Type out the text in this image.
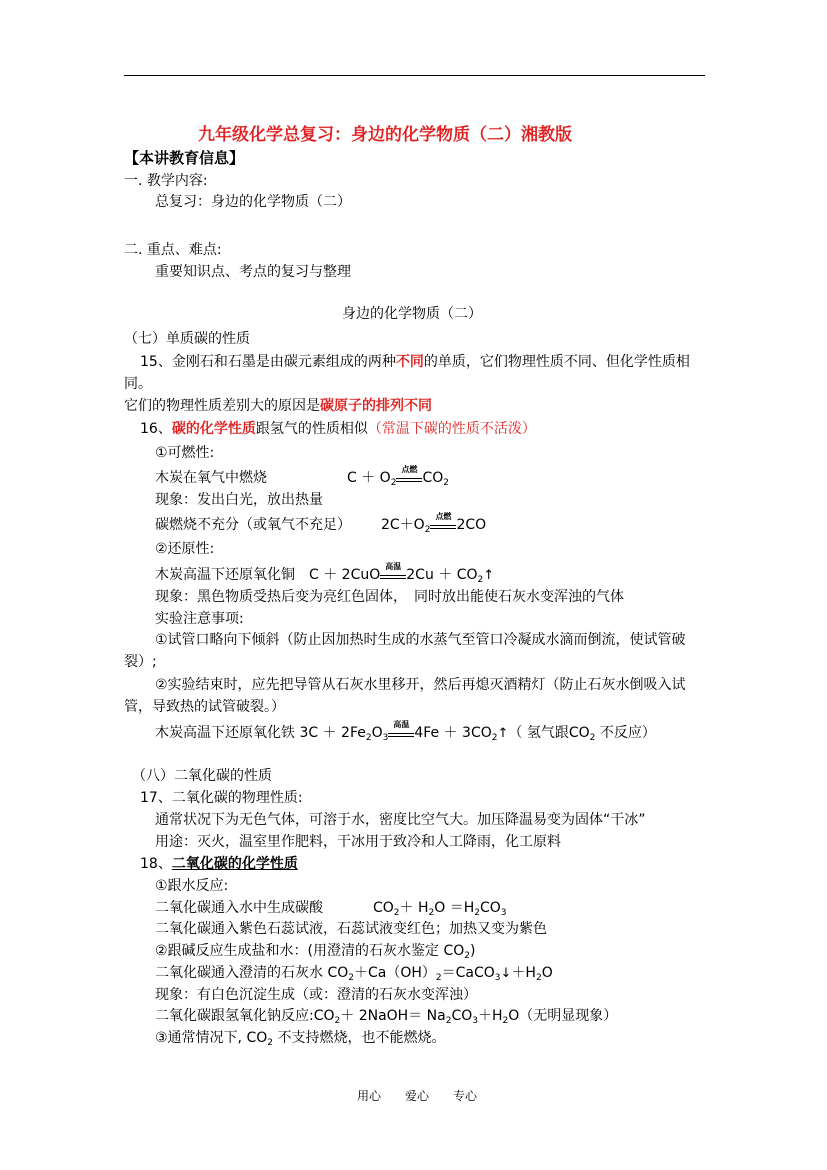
九年级化学总复习：身边的化学物质（二）湘教版
【本讲教育信息】
一. 教学内容:
总复习：身边的化学物质（二）
二. 重点、难点:
重要知识点、考点的复习与整理
身边的化学物质（二）
（七）单质碳的性质
15、金刚石和石墨是由碳元素组成的两种不同的单质，它们物理性质不同、但化学性质相
同。
它们的物理性质差别大的原因是碳原子的排列不同
16、碳的化学性质跟氢气的性质相似（常温下碳的性质不活泼）
①可燃性:
木炭在氧气中燃烧	$C + O_2$
点燃
$CO_2$
现象：发出白光，放出热量
碳燃烧不充分（或氧气不充足） $2C+O_2$
点燃
2CO
②还原性:
木炭高温下还原氧化铜　C ＋ 2CuO
高温
$2Cu + CO_2↑$
现象：黑色物质受热后变为亮红色固体，　同时放出能使石灰水变浑浊的气体
实验注意事项:
①试管口略向下倾斜（防止因加热时生成的水蒸气至管口冷凝成水滴而倒流，使试管破
裂）;
②实验结束时，应先把导管从石灰水里移开，然后再熄灭酒精灯（防止石灰水倒吸入试
管，导致热的试管破裂。）
木炭高温下还原氧化铁 $3C + 2Fe_2O_3$
高温
$4Fe + 3CO_2↑$（ 氢气跟$CO_2$ 不反应）
（八）二氧化碳的性质
17、二氧化碳的物理性质:
通常状况下为无色气体，可溶于水，密度比空气大。加压降温易变为固体“干冰”
用途：灭火，温室里作肥料，干冰用于致冷和人工降雨，化工原料
18、二氧化碳的化学性质
①跟水反应:
二氧化碳通入水中生成碳酸	$CO_2+ H_2O =H_2CO_3$
二氧化碳通入紫色石蕊试液，石蕊试液变红色；加热又变为紫色
②跟碱反应生成盐和水：(用澄清的石灰水鉴定 $CO_2$)
二氧化碳通入澄清的石灰水 $CO_2+Ca(OH)_2=CaCO_3↓+H_2O$
现象：有白色沉淀生成（或：澄清的石灰水变浑浊）
二氧化碳跟氢氧化钠反应$:CO_2+$ 2NaOH＝ $Na_2CO_3+H_2O$（无明显现象）
③通常情况下, $CO_2$ 不支持燃烧，也不能燃烧。
用心　　爱心　　专心
